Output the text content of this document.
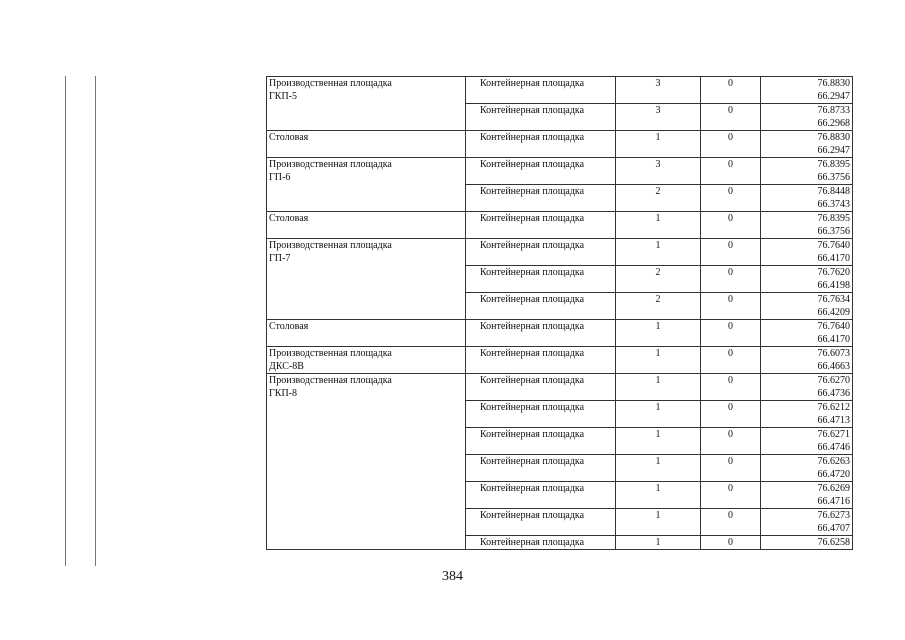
Производственная площадка
ГКП-5	Контейнерная площадка	3	0	76.8830
66.2947

	Контейнерная площадка	3	0	76.8733
66.2968

Столовая	Контейнерная площадка	1	0	76.8830
66.2947

Производственная площадка
ГП-6	Контейнерная площадка	3	0	76.8395
66.3756

	Контейнерная площадка	2	0	76.8448
66.3743

Столовая	Контейнерная площадка	1	0	76.8395
66.3756

Производственная площадка
ГП-7	Контейнерная площадка	1	0	76.7640
66.4170

	Контейнерная площадка	2	0	76.7620
66.4198

	Контейнерная площадка	2	0	76.7634
66.4209

Столовая	Контейнерная площадка	1	0	76.7640
66.4170

Производственная площадка
ДКС-8В	Контейнерная площадка	1	0	76.6073
66.4663

Производственная площадка
ГКП-8	Контейнерная площадка	1	0	76.6270
66.4736

	Контейнерная площадка	1	0	76.6212
66.4713

	Контейнерная площадка	1	0	76.6271
66.4746

	Контейнерная площадка	1	0	76.6263
66.4720

	Контейнерная площадка	1	0	76.6269
66.4716

	Контейнерная площадка	1	0	76.6273
66.4707

	Контейнерная площадка	1	0	76.6258
384
